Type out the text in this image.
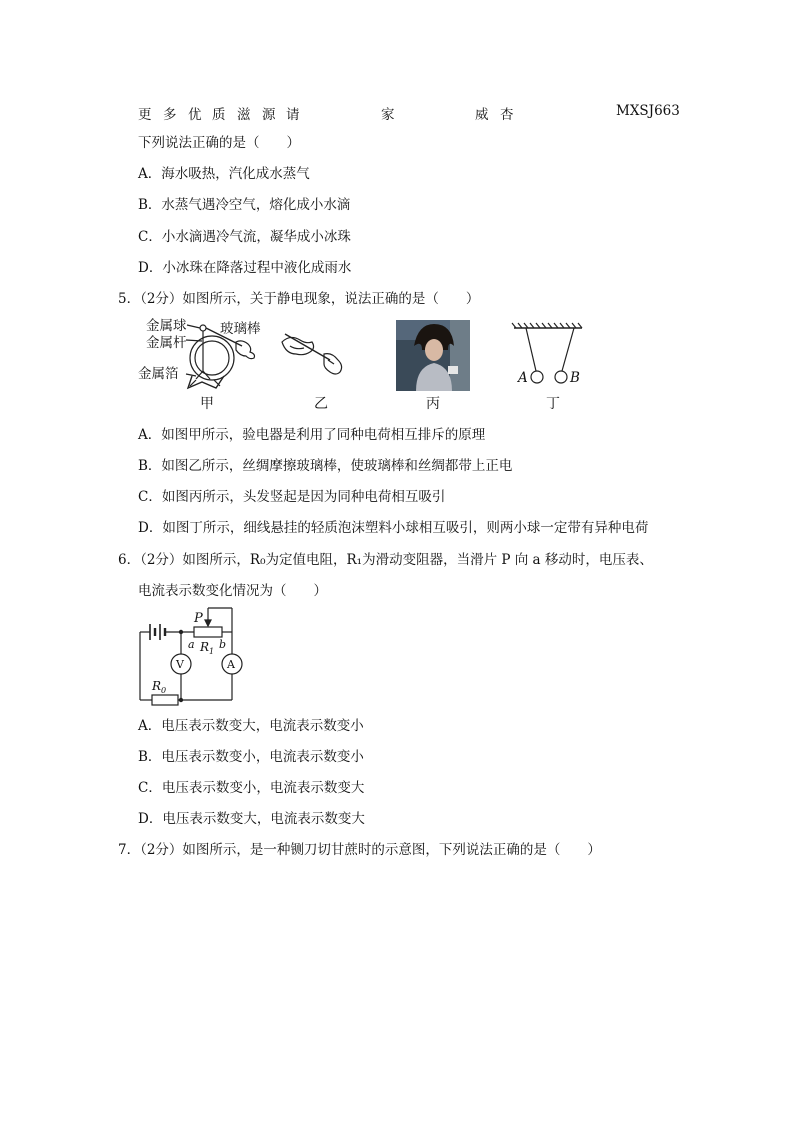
更 多 优 质 滋 源 请	家	威 杏	MXSJ663
下列说法正确的是（　　）
A．海水吸热，汽化成水蒸气
B．水蒸气遇冷空气，熔化成小水滴
C．小水滴遇冷气流，凝华成小冰珠
D．小冰珠在降落过程中液化成雨水
5．（2分）如图所示，关于静电现象，说法正确的是（　　）
金属球
金属杆
金属箔
玻璃棒
A	B
甲	乙	丙	丁
A．如图甲所示，验电器是利用了同种电荷相互排斥的原理
B．如图乙所示，丝绸摩擦玻璃棒，使玻璃棒和丝绸都带上正电
C．如图丙所示，头发竖起是因为同种电荷相互吸引
D．如图丁所示，细线悬挂的轻质泡沫塑料小球相互吸引，则两小球一定带有异种电荷
6．（2分）如图所示，R₀为定值电阻，R₁为滑动变阻器，当滑片 P 向 a 移动时，电压表、
电流表示数变化情况为（　　）
P
a b
$R_1$
$R_0$
V	A
A．电压表示数变大，电流表示数变小
B．电压表示数变小，电流表示数变小
C．电压表示数变小，电流表示数变大
D．电压表示数变大，电流表示数变大
7．（2分）如图所示，是一种铡刀切甘蔗时的示意图，下列说法正确的是（　　）
